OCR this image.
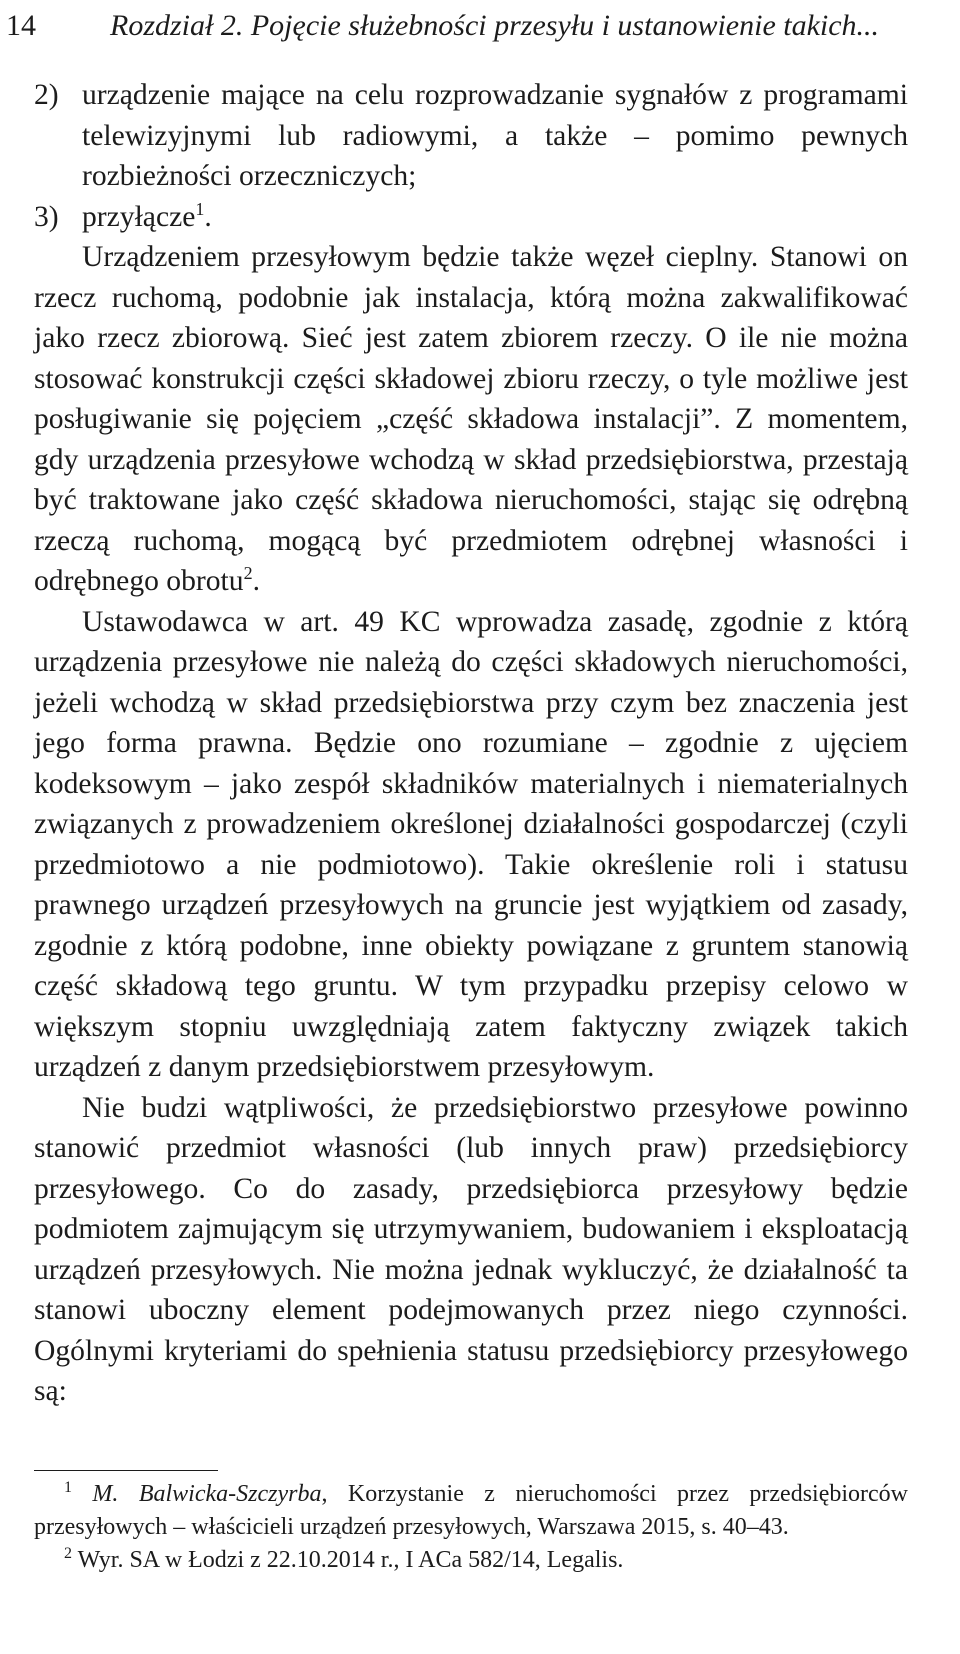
14 Rozdział 2. Pojęcie służebności przesyłu i ustanowienie takich...

2) urządzenie mające na celu rozprowadzanie sygnałów z programami telewizyjnymi lub radiowymi, a także – pomimo pewnych rozbieżności orzeczniczych;

3) przyłącze$^1$.

Urządzeniem przesyłowym będzie także węzeł cieplny. Stanowi on rzecz ruchomą, podobnie jak instalacja, którą można zakwalifikować jako rzecz zbiorową. Sieć jest zatem zbiorem rzeczy. O ile nie można stosować konstrukcji części składowej zbioru rzeczy, o tyle możliwe jest posługiwanie się pojęciem „część składowa instalacji”. Z momentem, gdy urządzenia przesyłowe wchodzą w skład przedsiębiorstwa, przestają być traktowane jako część składowa nieruchomości, stając się odrębną rzeczą ruchomą, mogącą być przedmiotem odrębnej własności i odrębnego obrotu$^2$.

Ustawodawca w art. 49 KC wprowadza zasadę, zgodnie z którą urządzenia przesyłowe nie należą do części składowych nieruchomości, jeżeli wchodzą w skład przedsiębiorstwa przy czym bez znaczenia jest jego forma prawna. Będzie ono rozumiane – zgodnie z ujęciem kodeksowym – jako zespół składników materialnych i niematerialnych związanych z prowadzeniem określonej działalności gospodarczej (czyli przedmiotowo a nie podmiotowo). Takie określenie roli i statusu prawnego urządzeń przesyłowych na gruncie jest wyjątkiem od zasady, zgodnie z którą podobne, inne obiekty powiązane z gruntem stanowią część składową tego gruntu. W tym przypadku przepisy celowo w większym stopniu uwzględniają zatem faktyczny związek takich urządzeń z danym przedsiębiorstwem przesyłowym.

Nie budzi wątpliwości, że przedsiębiorstwo przesyłowe powinno stanowić przedmiot własności (lub innych praw) przedsiębiorcy przesyłowego. Co do zasady, przedsiębiorca przesyłowy będzie podmiotem zajmującym się utrzymywaniem, budowaniem i eksploatacją urządzeń przesyłowych. Nie można jednak wykluczyć, że działalność ta stanowi uboczny element podejmowanych przez niego czynności. Ogólnymi kryteriami do spełnienia statusu przedsiębiorcy przesyłowego są:

$^1$ M. Balwicka-Szczyrba, Korzystanie z nieruchomości przez przedsiębiorców przesyłowych – właścicieli urządzeń przesyłowych, Warszawa 2015, s. 40–43.

$^2$ Wyr. SA w Łodzi z 22.10.2014 r., I ACa 582/14, Legalis.
